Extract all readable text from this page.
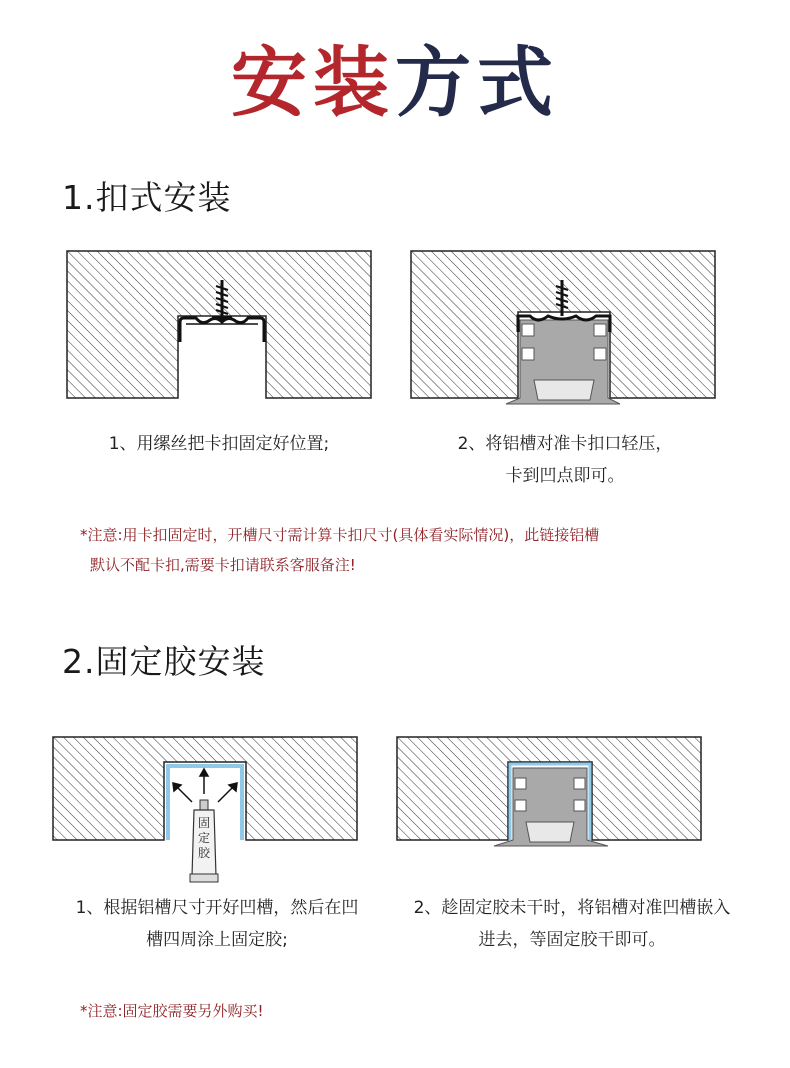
安装方式
1.扣式安装
1、用缧丝把卡扣固定好位置;	2、将铝槽对准卡扣口轻压，
卡到凹点即可。
*注意:用卡扣固定时，开槽尺寸需计算卡扣尺寸(具体看实际情况)，此链接铝槽
默认不配卡扣,需要卡扣请联系客服备注!
2.固定胶安装
固定胶
1、根据铝槽尺寸开好凹槽，然后在凹
槽四周涂上固定胶;
2、趁固定胶未干时，将铝槽对准凹槽嵌入
进去，等固定胶干即可。
*注意:固定胶需要另外购买!
